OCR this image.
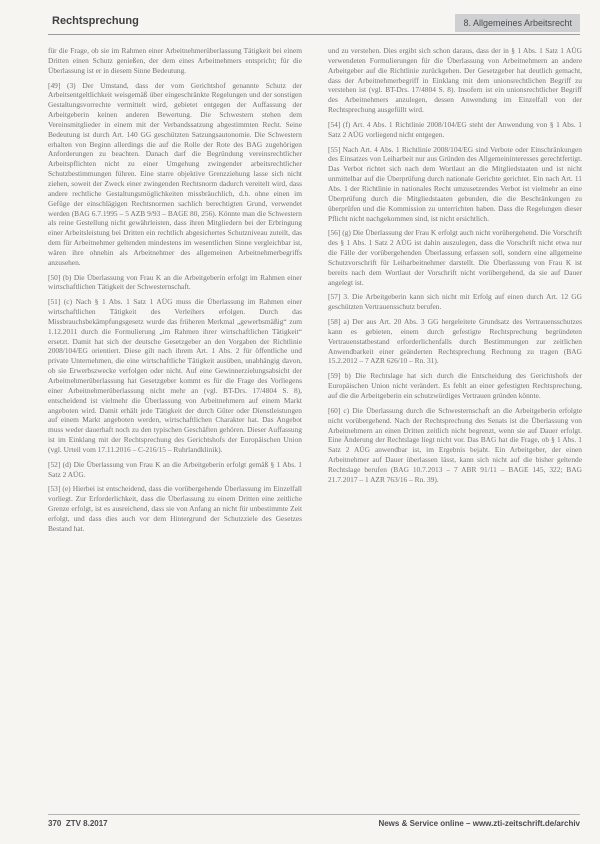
Rechtsprechung	8. Allgemeines Arbeitsrecht

für die Frage, ob sie im Rahmen einer Arbeitnehmerüberlassung Tätigkeit bei einem Dritten einen Schutz genießen, der dem eines Arbeitnehmers entspricht; für die Überlassung ist er in diesem Sinne Bedeutung.

[49] (3) Der Umstand, dass der vom Gerichtshof genannte Schutz der Arbeitsentgeltlichkeit weisgemäß über eingeschränkte Regelungen und der sonstigen Gestaltungsvorrechte vermittelt wird, gebietet entgegen der Auffassung der Arbeitgeberin keinen anderen Bewertung. Die Schwestern stehen dem Vereinsmitglieder in einem mit der Verbandssatzung abgestimmten Recht. Seine Bedeutung ist durch Art. 140 GG geschützten Satzungsautonomie. Die Schwestern erhalten von Beginn allerdings die auf die Rolle der Rote des BAG zugehörigen Anforderungen zu beachten. Danach darf die Begründung vereinsrechtlicher Arbeitspflichten nicht zu einer Umgehung zwingender arbeitsrechtlicher Schutzbestimmungen führen. Eine starre objektive Grenzziehung lasse sich nicht ziehen, soweit der Zweck einer zwingenden Rechtsnorm dadurch vereitelt wird, dass andere rechtliche Gestaltungsmöglichkeiten missbräuchlich, d.h. ohne einen im Gefüge der einschlägigen Rechtsnormen sachlich berechtigten Grund, verwendet werden (BAG 6.7.1995 – 5 AZB 9/93 – BAGE 80, 256). Könnte man die Schwestern als reine Gestellung nicht gewährleisten, dass ihren Mitgliedern bei der Erbringung einer Arbeitsleistung bei Dritten ein rechtlich abgesichertes Schutzniveau zuteilt, das dem für Arbeitnehmer geltenden mindestens im wesentlichen Sinne vergleichbar ist, wären ihre ohnehin als Arbeitnehmer des allgemeinen Arbeitnehmerbegriffs anzusehen.

[50] (b) Die Überlassung von Frau K an die Arbeitgeberin erfolgt im Rahmen einer wirtschaftlichen Tätigkeit der Schwesternschaft.

[51] (c) Nach § 1 Abs. 1 Satz 1 AÜG muss die Überlassung im Rahmen einer wirtschaftlichen Tätigkeit des Verleihers erfolgen. Durch das Missbrauchsbekämpfungsgesetz wurde das früheren Merkmal „gewerbsmäßig“ zum 1.12.2011 durch die Formulierung „im Rahmen ihrer wirtschaftlichen Tätigkeit“ ersetzt. Damit hat sich der deutsche Gesetzgeber an den Vorgaben der Richtlinie 2008/104/EG orientiert. Diese gilt nach ihrem Art. 1 Abs. 2 für öffentliche und private Unternehmen, die eine wirtschaftliche Tätigkeit ausüben, unabhängig davon, ob sie Erwerbszwecke verfolgen oder nicht. Auf eine Gewinnerzielungsabsicht der Arbeitnehmerüberlassung hat Gesetzgeber kommt es für die Frage des Vorliegens einer Arbeitnehmerüberlassung nicht mehr an (vgl. BT-Drs. 17/4804 S. 8), entscheidend ist vielmehr die Überlassung von Arbeitnehmern auf einem Markt angeboten wird. Damit erhält jede Tätigkeit der durch Güter oder Dienstleistungen auf einem Markt angeboten werden, wirtschaftlichen Charakter hat. Das Angebot muss weder dauerhaft noch zu den typischen Geschäften gehören. Dieser Auffassung ist im Einklang mit der Rechtsprechung des Gerichtshofs der Europäischen Union (vgl. Urteil vom 17.11.2016 – C-216/15 – Ruhrlandklinik).

[52] (d) Die Überlassung von Frau K an die Arbeitgeberin erfolgt gemäß § 1 Abs. 1 Satz 2 AÜG.

[53] (e) Hierbei ist entscheidend, dass die vorübergehende Überlassung im Einzelfall vorliegt. Zur Erforderlichkeit, dass die Überlassung zu einem Dritten eine zeitliche Grenze erfolgt, ist es ausreichend, dass sie von Anfang an nicht für unbestimmte Zeit erfolgt, und dass dies auch vor dem Hintergrund der Schutzziele des Gesetzes Bestand hat.

und zu verstehen. Dies ergibt sich schon daraus, dass der in § 1 Abs. 1 Satz 1 AÜG verwendeten Formulierungen für die Überlassung von Arbeitnehmern an andere Arbeitgeber auf die Richtlinie zurückgehen. Der Gesetzgeber hat deutlich gemacht, dass der Arbeitnehmerbegriff in Einklang mit dem unionsrechtlichen Begriff zu verstehen ist (vgl. BT-Drs. 17/4804 S. 8). Insofern ist ein unionsrechtlicher Begriff des Arbeitnehmers anzulegen, dessen Anwendung im Einzelfall von der Rechtsprechung ausgefüllt wird.

[54] (f) Art. 4 Abs. 1 Richtlinie 2008/104/EG steht der Anwendung von § 1 Abs. 1 Satz 2 AÜG vorliegend nicht entgegen.

[55] Nach Art. 4 Abs. 1 Richtlinie 2008/104/EG sind Verbote oder Einschränkungen des Einsatzes von Leiharbeit nur aus Gründen des Allgemeininteresses gerechtfertigt. Das Verbot richtet sich nach dem Wortlaut an die Mitgliedstaaten und ist nicht unmittelbar auf die Überprüfung durch nationale Gerichte gerichtet. Ein nach Art. 11 Abs. 1 der Richtlinie in nationales Recht umzusetzendes Verbot ist vielmehr an eine Überprüfung durch die Mitgliedstaaten gebunden, die die Beschränkungen zu überprüfen und die Kommission zu unterrichten haben. Dass die Regelungen dieser Pflicht nicht nachgekommen sind, ist nicht ersichtlich.

[56] (g) Die Überlassung der Frau K erfolgt auch nicht vorübergehend. Die Vorschrift des § 1 Abs. 1 Satz 2 AÜG ist dahin auszulegen, dass die Vorschrift nicht etwa nur die Fälle der vorübergehenden Überlassung erfassen soll, sondern eine allgemeine Schutzvorschrift für Leiharbeitnehmer darstellt. Die Überlassung von Frau K ist bereits nach dem Wortlaut der Vorschrift nicht vorübergehend, da sie auf Dauer angelegt ist.

[57] 3. Die Arbeitgeberin kann sich nicht mit Erfolg auf einen durch Art. 12 GG geschützten Vertrauensschutz berufen.

[58] a) Der aus Art. 20 Abs. 3 GG hergeleitete Grundsatz des Vertrauensschutzes kann es gebieten, einem durch gefestigte Rechtsprechung begründeten Vertrauenstatbestand erforderlichenfalls durch Bestimmungen zur zeitlichen Anwendbarkeit einer geänderten Rechtsprechung Rechnung zu tragen (BAG 15.2.2012 – 7 AZR 626/10 – Rn. 31).

[59] b) Die Rechtslage hat sich durch die Entscheidung des Gerichtshofs der Europäischen Union nicht verändert. Es fehlt an einer gefestigten Rechtsprechung, auf die die Arbeitgeberin ein schutzwürdiges Vertrauen gründen könnte.

[60] c) Die Überlassung durch die Schwesternschaft an die Arbeitgeberin erfolgte nicht vorübergehend. Nach der Rechtsprechung des Senats ist die Überlassung von Arbeitnehmern an einen Dritten zeitlich nicht begrenzt, wenn sie auf Dauer erfolgt. Eine Änderung der Rechtslage liegt nicht vor. Das BAG hat die Frage, ob § 1 Abs. 1 Satz 2 AÜG anwendbar ist, im Ergebnis bejaht. Ein Arbeitgeber, der einen Arbeitnehmer auf Dauer überlassen lässt, kann sich nicht auf die bisher geltende Rechtslage berufen (BAG 10.7.2013 – 7 ABR 91/11 – BAGE 145, 322; BAG 21.7.2017 – 1 AZR 763/16 – Rn. 39).

370 ZTV 8.2017	News & Service online – www.zti-zeitschrift.de/archiv
